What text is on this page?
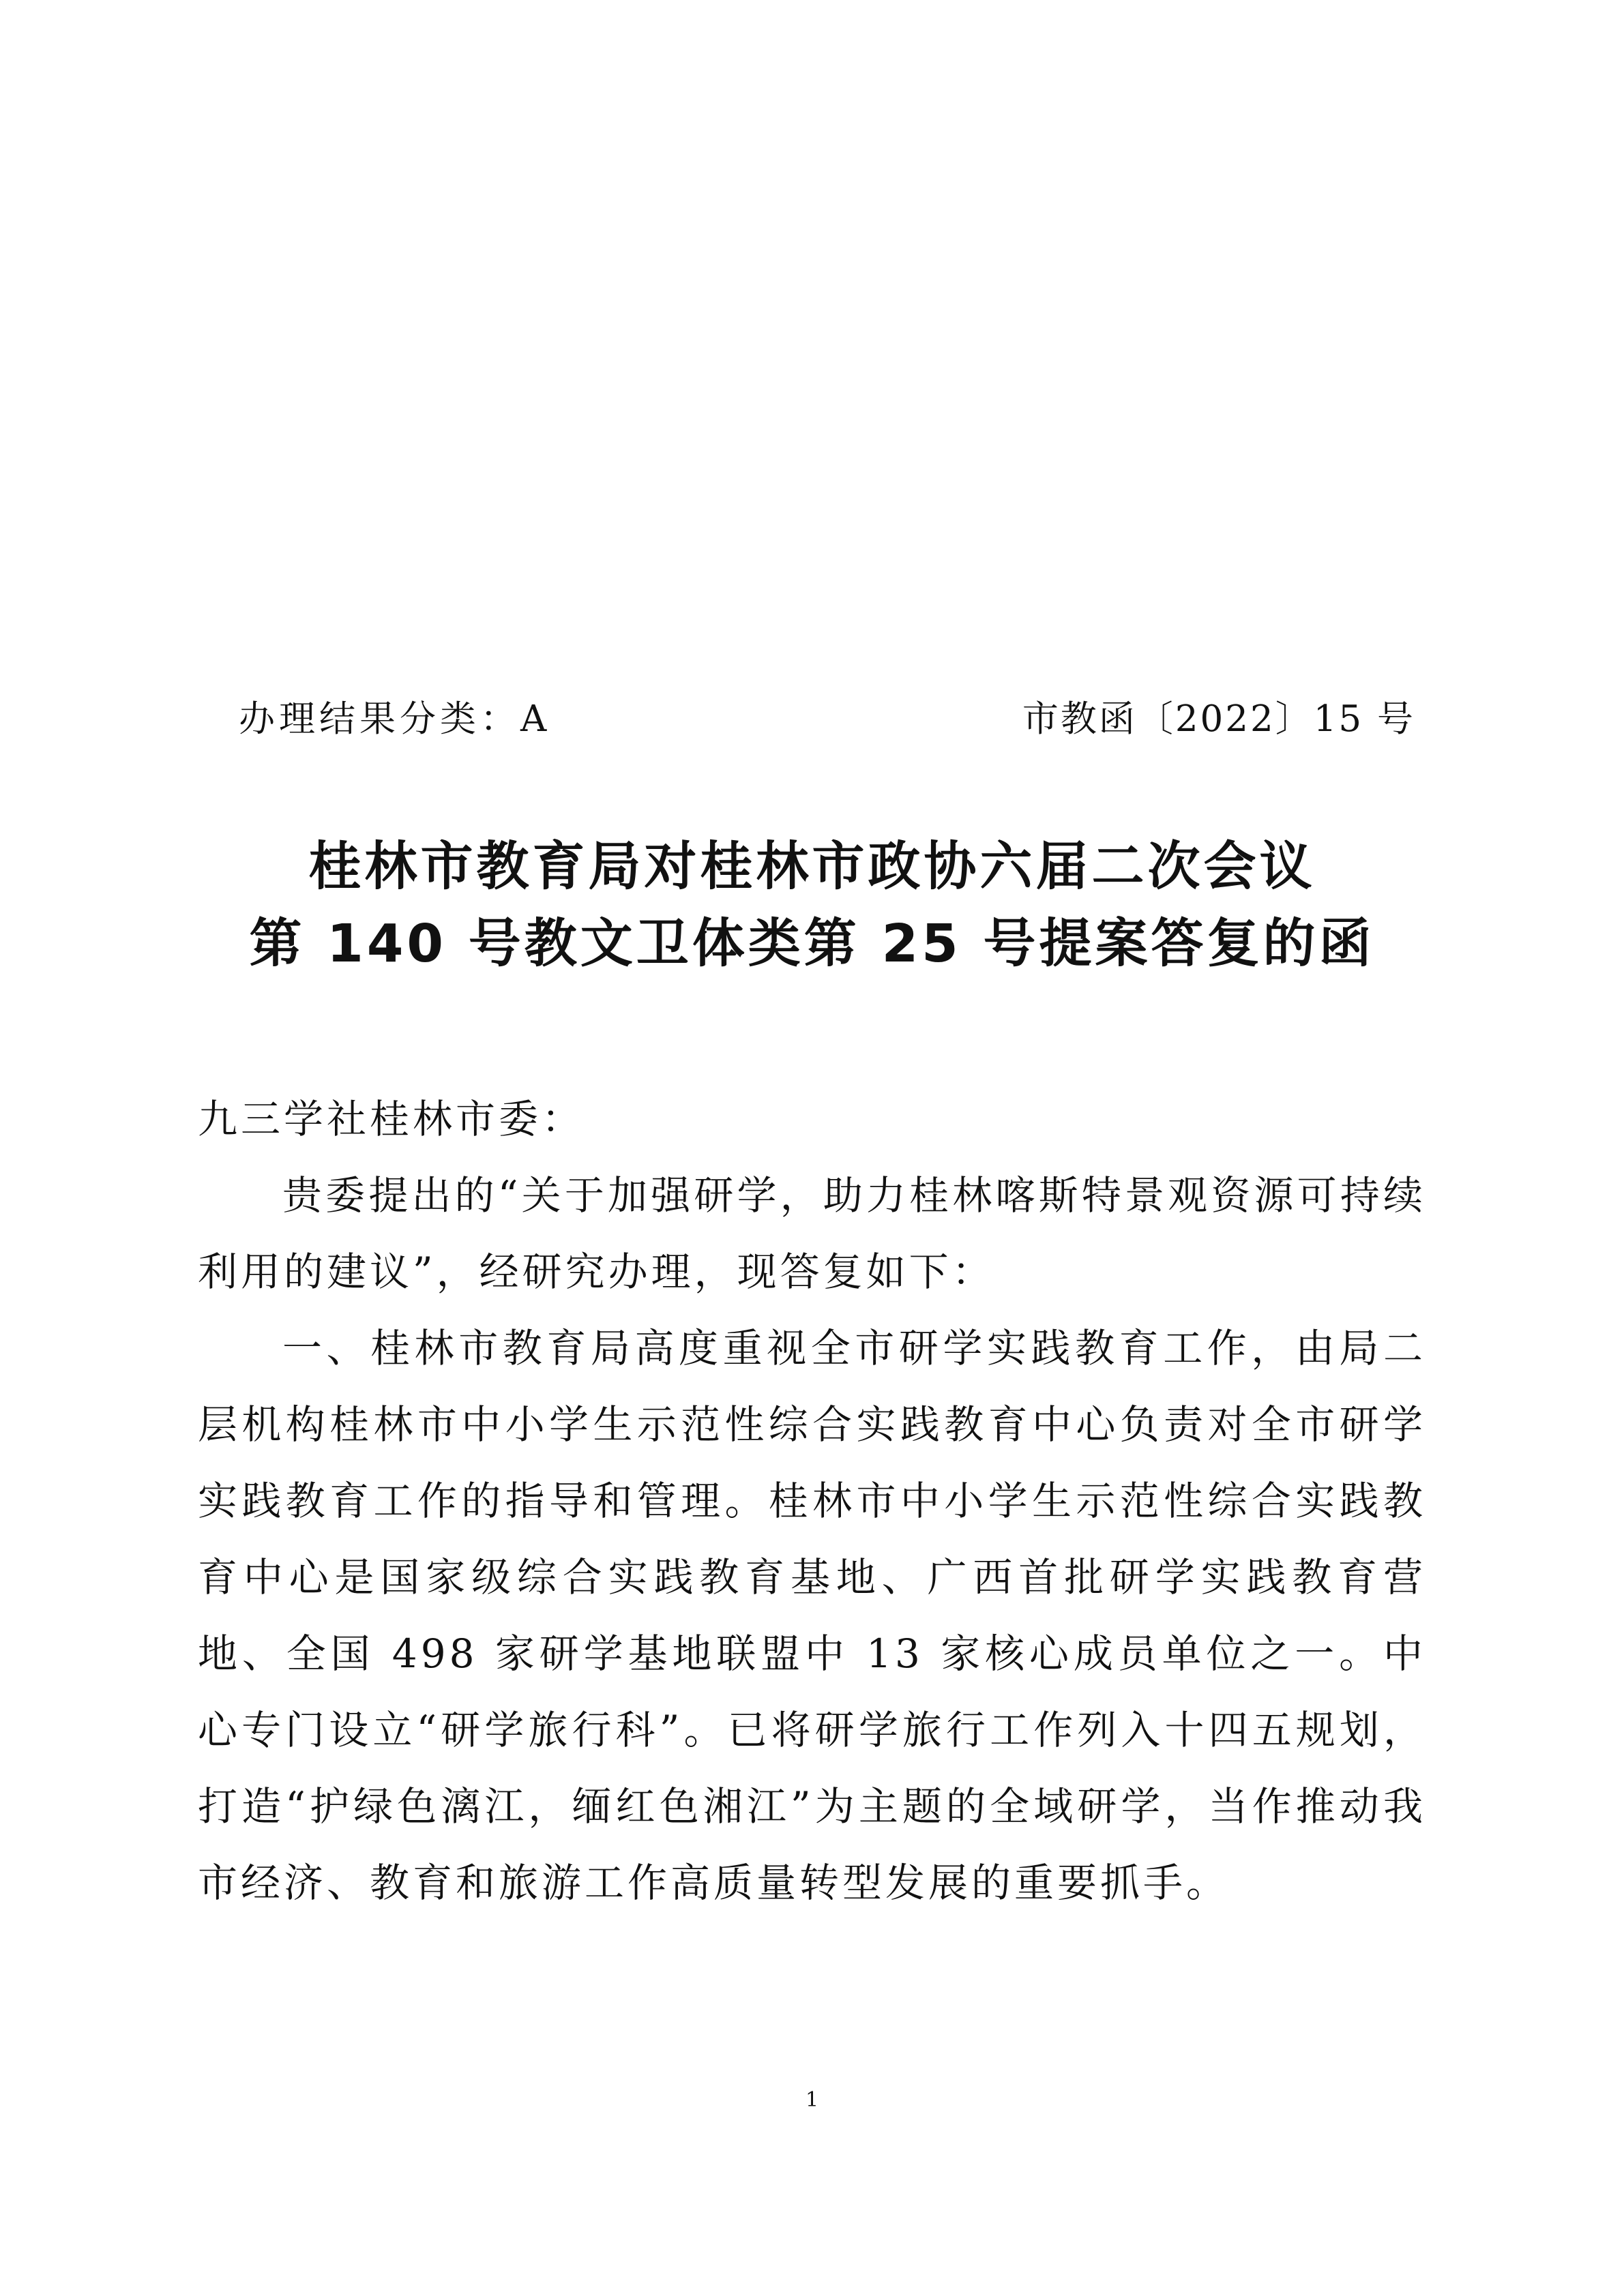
办理结果分类：A	市教函〔2022〕15 号
桂林市教育局对桂林市政协六届二次会议
第 140 号教文卫体类第 25 号提案答复的函

九三学社桂林市委：

贵委提出的“关于加强研学，助力桂林喀斯特景观资源可持续利用的建议”，经研究办理，现答复如下：

一、桂林市教育局高度重视全市研学实践教育工作，由局二层机构桂林市中小学生示范性综合实践教育中心负责对全市研学实践教育工作的指导和管理。桂林市中小学生示范性综合实践教育中心是国家级综合实践教育基地、广西首批研学实践教育营地、全国 498 家研学基地联盟中 13 家核心成员单位之一。中心专门设立“研学旅行科”。已将研学旅行工作列入十四五规划，打造“护绿色漓江，缅红色湘江”为主题的全域研学，当作推动我市经济、教育和旅游工作高质量转型发展的重要抓手。

1
